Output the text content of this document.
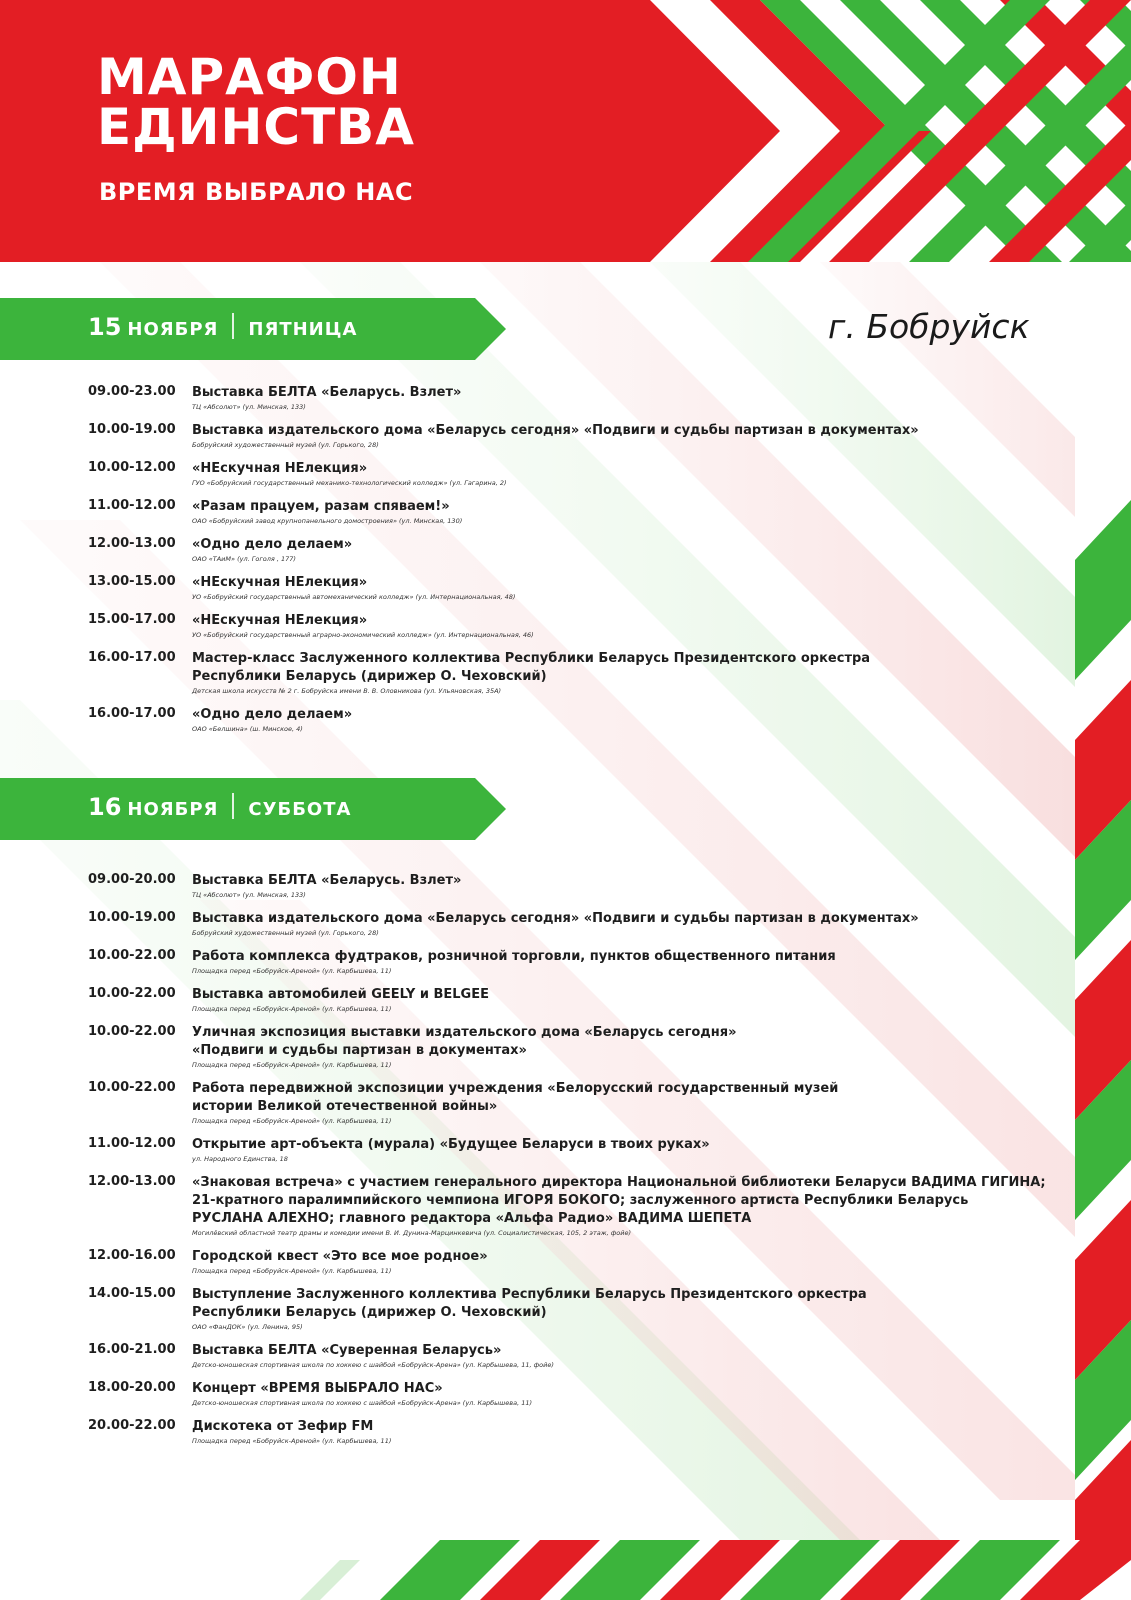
МАРАФОН
ЕДИНСТВА
ВРЕМЯ ВЫБРАЛО НАС
г. Бобруйск
15 НОЯБРЯ ПЯТНИЦА
09.00-23.00	Выставка БЕЛТА «Беларусь. Взлет»
ТЦ «Абсолют» (ул. Минская, 133)
10.00-19.00	Выставка издательского дома «Беларусь сегодня» «Подвиги и судьбы партизан в документах»
Бобруйский художественный музей (ул. Горького, 28)
10.00-12.00	«НЕскучная НЕлекция»
ГУО «Бобруйский государственный механико-технологический колледж» (ул. Гагарина, 2)
11.00-12.00	«Разам працуем, разам спяваем!»
ОАО «Бобруйский завод крупнопанельного домостроения» (ул. Минская, 130)
12.00-13.00	«Одно дело делаем»
ОАО «ТАиМ» (ул. Гоголя , 177)
13.00-15.00	«НЕскучная НЕлекция»
УО «Бобруйский государственный автомеханический колледж» (ул. Интернациональная, 48)
15.00-17.00	«НЕскучная НЕлекция»
УО «Бобруйский государственный аграрно-экономический колледж» (ул. Интернациональная, 46)
16.00-17.00	Мастер-класс Заслуженного коллектива Республики Беларусь Президентского оркестра
Республики Беларусь (дирижер О. Чеховский)
Детская школа искусств № 2 г. Бобруйска имени В. В. Оловникова (ул. Ульяновская, 35А)
16.00-17.00	«Одно дело делаем»
ОАО «Белшина» (ш. Минское, 4)
16 НОЯБРЯ СУББОТА
09.00-20.00	Выставка БЕЛТА «Беларусь. Взлет»
ТЦ «Абсолют» (ул. Минская, 133)
10.00-19.00	Выставка издательского дома «Беларусь сегодня» «Подвиги и судьбы партизан в документах»
Бобруйский художественный музей (ул. Горького, 28)
10.00-22.00	Работа комплекса фудтраков, розничной торговли, пунктов общественного питания
Площадка перед «Бобруйск-Ареной» (ул. Карбышева, 11)
10.00-22.00	Выставка автомобилей GEELY и BELGEE
Площадка перед «Бобруйск-Ареной» (ул. Карбышева, 11)
10.00-22.00	Уличная экспозиция выставки издательского дома «Беларусь сегодня»
«Подвиги и судьбы партизан в документах»
Площадка перед «Бобруйск-Ареной» (ул. Карбышева, 11)
10.00-22.00	Работа передвижной экспозиции учреждения «Белорусский государственный музей
истории Великой отечественной войны»
Площадка перед «Бобруйск-Ареной» (ул. Карбышева, 11)
11.00-12.00	Открытие арт-объекта (мурала) «Будущее Беларуси в твоих руках»
ул. Народного Единства, 18
12.00-13.00	«Знаковая встреча» с участием генерального директора Национальной библиотеки Беларуси ВАДИМА ГИГИНА;
21-кратного паралимпийского чемпиона ИГОРЯ БОКОГО; заслуженного артиста Республики Беларусь
РУСЛАНА АЛЕХНО; главного редактора «Альфа Радио» ВАДИМА ШЕПЕТА
Могилёвский областной театр драмы и комедии имени В. И. Дунина-Марцинкевича (ул. Социалистическая, 105, 2 этаж, фойе)
12.00-16.00	Городской квест «Это все мое родное»
Площадка перед «Бобруйск-Ареной» (ул. Карбышева, 11)
14.00-15.00	Выступление Заслуженного коллектива Республики Беларусь Президентского оркестра
Республики Беларусь (дирижер О. Чеховский)
ОАО «ФанДОК» (ул. Ленина, 95)
16.00-21.00	Выставка БЕЛТА «Суверенная Беларусь»
Детско-юношеская спортивная школа по хоккею с шайбой «Бобруйск-Арена» (ул. Карбышева, 11, фойе)
18.00-20.00	Концерт «ВРЕМЯ ВЫБРАЛО НАС»
Детско-юношеская спортивная школа по хоккею с шайбой «Бобруйск-Арена» (ул. Карбышева, 11)
20.00-22.00	Дискотека от Зефир FM
Площадка перед «Бобруйск-Ареной» (ул. Карбышева, 11)
